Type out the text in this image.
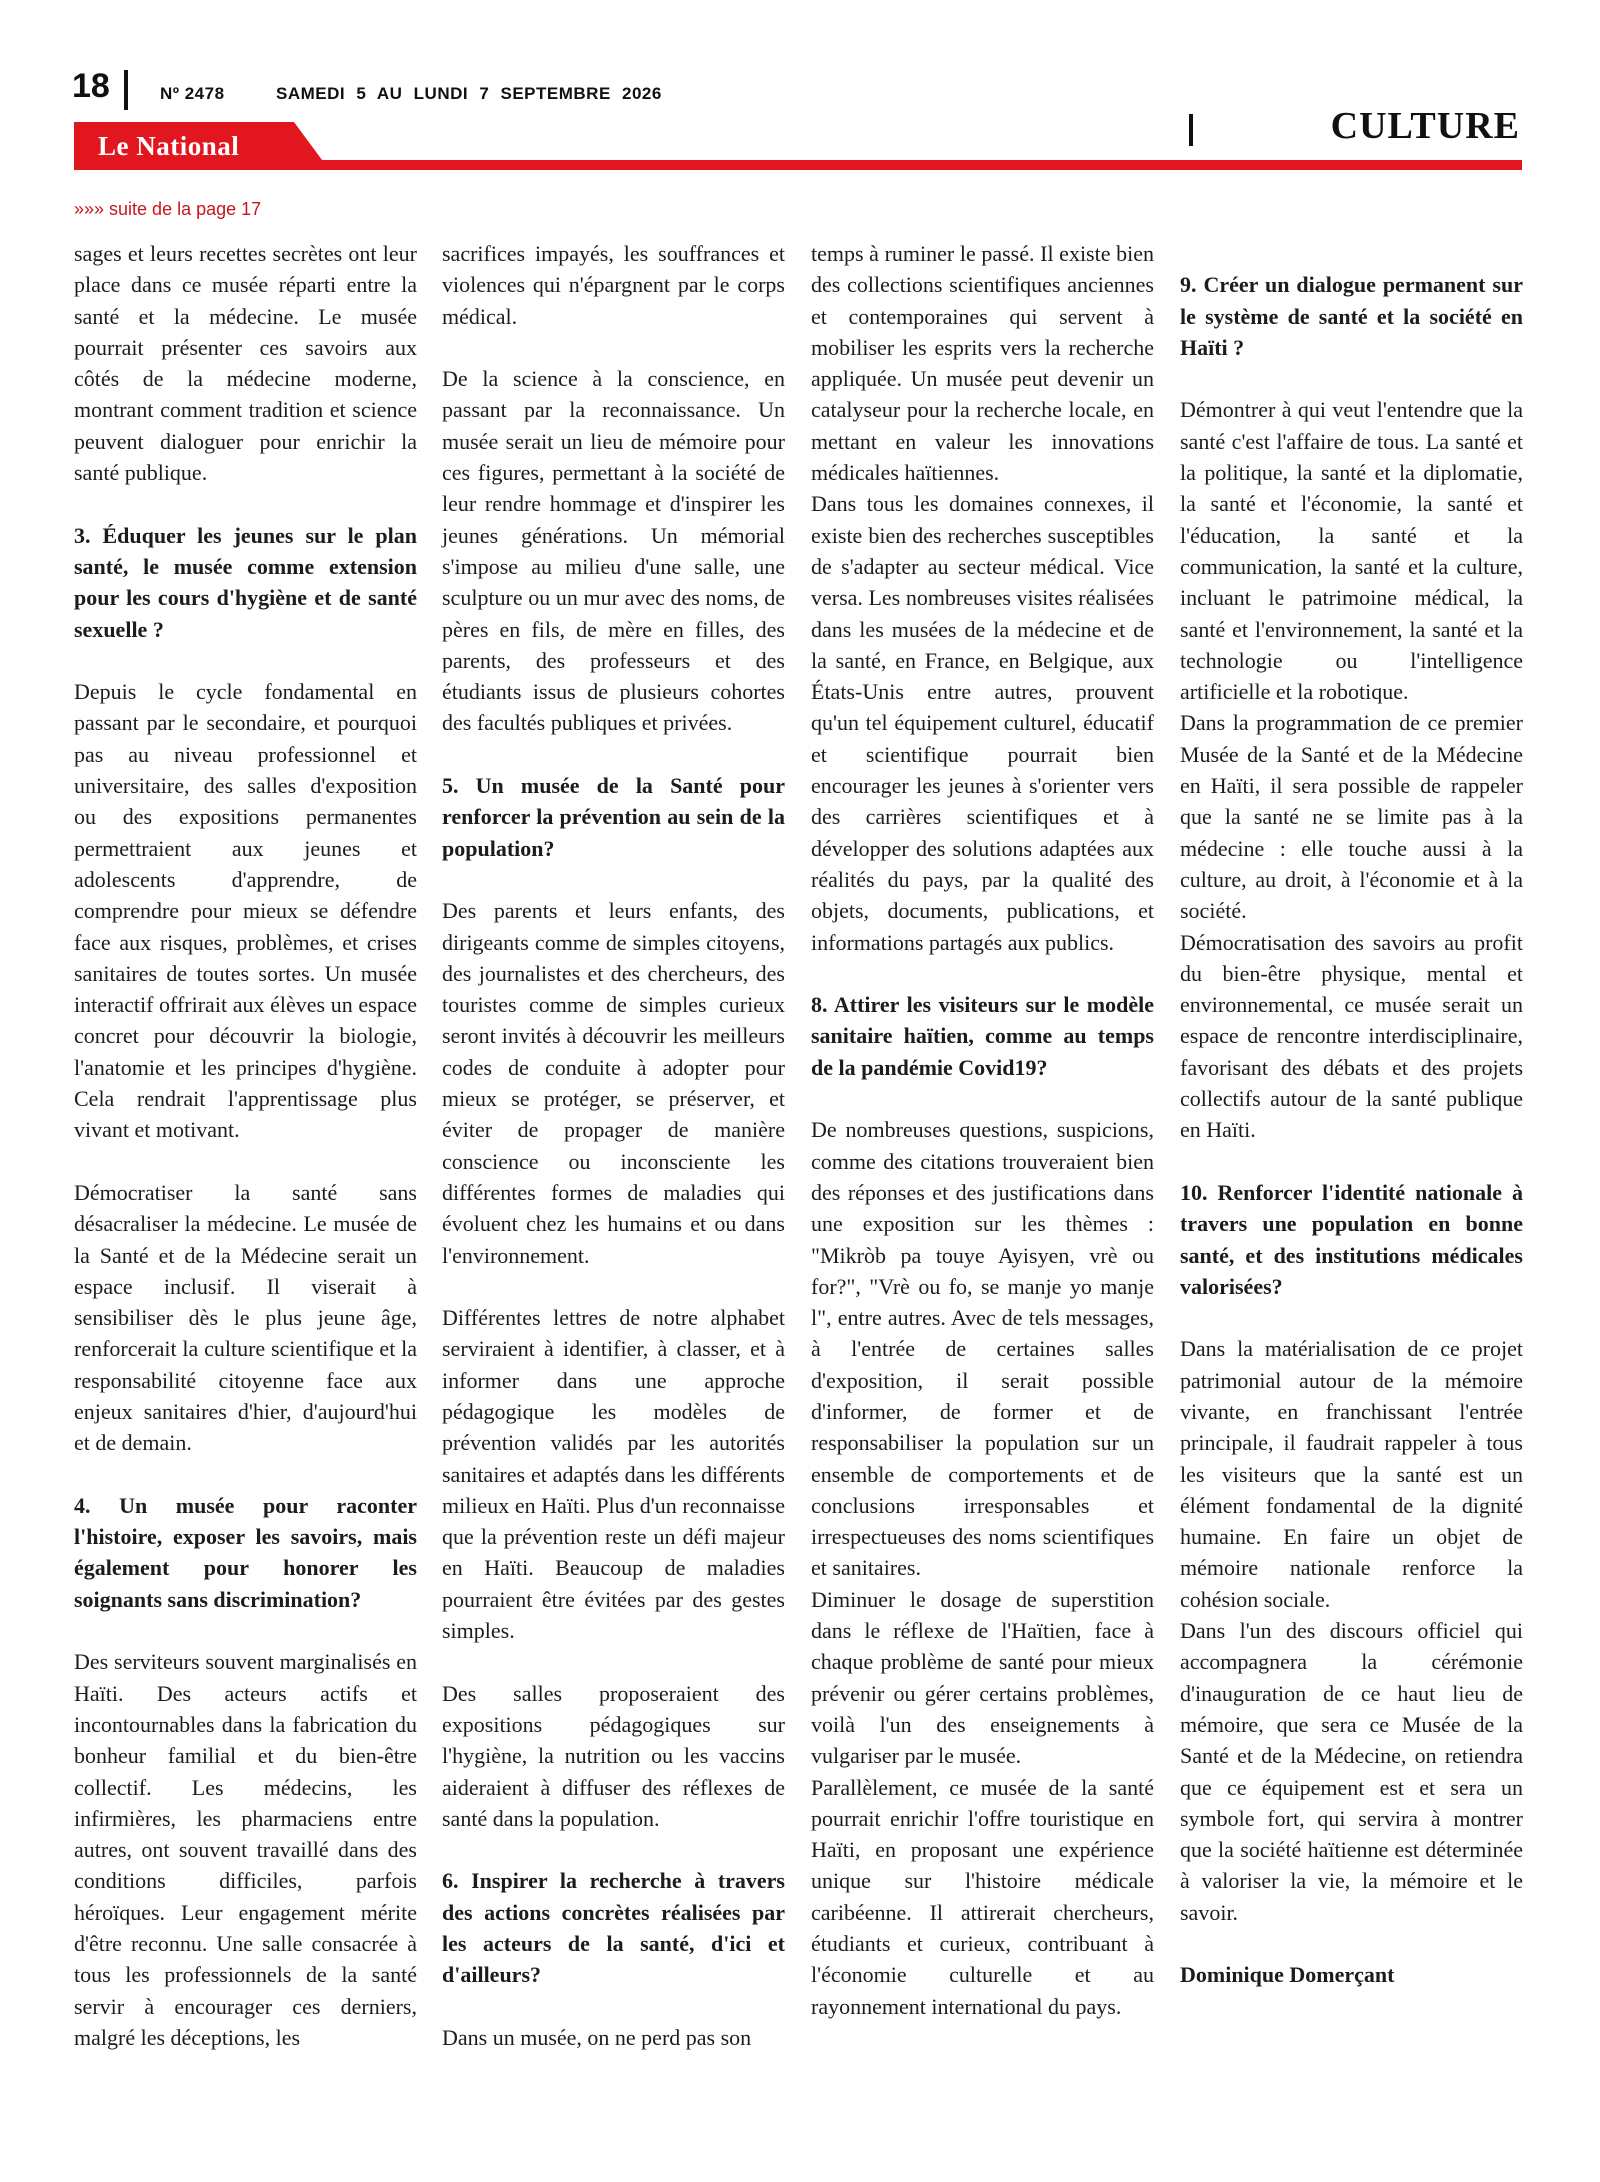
18	Nº 2478	SAMEDI 5 AU LUNDI 7 SEPTEMBRE 2026
CULTURE
Le National
»»» suite de la page 17

sages et leurs recettes secrètes ont leur place dans ce musée réparti entre la santé et la médecine. Le musée pourrait présenter ces savoirs aux côtés de la médecine moderne, montrant comment tradition et science peuvent dialoguer pour enrichir la santé publique.

3. Éduquer les jeunes sur le plan santé, le musée comme extension pour les cours d'hygiène et de santé sexuelle ?

Depuis le cycle fondamental en passant par le secondaire, et pourquoi pas au niveau professionnel et universitaire, des salles d'exposition ou des expositions permanentes permettraient aux jeunes et adolescents d'apprendre, de comprendre pour mieux se défendre face aux risques, problèmes, et crises sanitaires de toutes sortes. Un musée interactif offrirait aux élèves un espace concret pour découvrir la biologie, l'anatomie et les principes d'hygiène. Cela rendrait l'apprentissage plus vivant et motivant.

Démocratiser la santé sans désacraliser la médecine. Le musée de la Santé et de la Médecine serait un espace inclusif. Il viserait à sensibiliser dès le plus jeune âge, renforcerait la culture scientifique et la responsabilité citoyenne face aux enjeux sanitaires d'hier, d'aujourd'hui et de demain.

4. Un musée pour raconter l'histoire, exposer les savoirs, mais également pour honorer les soignants sans discrimination?

Des serviteurs souvent marginalisés en Haïti. Des acteurs actifs et incontournables dans la fabrication du bonheur familial et du bien-être collectif. Les médecins, les infirmières, les pharmaciens entre autres, ont souvent travaillé dans des conditions difficiles, parfois héroïques. Leur engagement mérite d'être reconnu. Une salle consacrée à tous les professionnels de la santé servir à encourager ces derniers, malgré les déceptions, les

sacrifices impayés, les souffrances et violences qui n'épargnent par le corps médical.

De la science à la conscience, en passant par la reconnaissance. Un musée serait un lieu de mémoire pour ces figures, permettant à la société de leur rendre hommage et d'inspirer les jeunes générations. Un mémorial s'impose au milieu d'une salle, une sculpture ou un mur avec des noms, de pères en fils, de mère en filles, des parents, des professeurs et des étudiants issus de plusieurs cohortes des facultés publiques et privées.

5. Un musée de la Santé pour renforcer la prévention au sein de la population?

Des parents et leurs enfants, des dirigeants comme de simples citoyens, des journalistes et des chercheurs, des touristes comme de simples curieux seront invités à découvrir les meilleurs codes de conduite à adopter pour mieux se protéger, se préserver, et éviter de propager de manière conscience ou inconsciente les différentes formes de maladies qui évoluent chez les humains et ou dans l'environnement.

Différentes lettres de notre alphabet serviraient à identifier, à classer, et à informer dans une approche pédagogique les modèles de prévention validés par les autorités sanitaires et adaptés dans les différents milieux en Haïti. Plus d'un reconnaisse que la prévention reste un défi majeur en Haïti. Beaucoup de maladies pourraient être évitées par des gestes simples.

Des salles proposeraient des expositions pédagogiques sur l'hygiène, la nutrition ou les vaccins aideraient à diffuser des réflexes de santé dans la population.

6. Inspirer la recherche à travers des actions concrètes réalisées par les acteurs de la santé, d'ici et d'ailleurs?

Dans un musée, on ne perd pas son

temps à ruminer le passé. Il existe bien des collections scientifiques anciennes et contemporaines qui servent à mobiliser les esprits vers la recherche appliquée. Un musée peut devenir un catalyseur pour la recherche locale, en mettant en valeur les innovations médicales haïtiennes.

Dans tous les domaines connexes, il existe bien des recherches susceptibles de s'adapter au secteur médical. Vice versa. Les nombreuses visites réalisées dans les musées de la médecine et de la santé, en France, en Belgique, aux États-Unis entre autres, prouvent qu'un tel équipement culturel, éducatif et scientifique pourrait bien encourager les jeunes à s'orienter vers des carrières scientifiques et à développer des solutions adaptées aux réalités du pays, par la qualité des objets, documents, publications, et informations partagés aux publics.

8. Attirer les visiteurs sur le modèle sanitaire haïtien, comme au temps de la pandémie Covid19?

De nombreuses questions, suspicions, comme des citations trouveraient bien des réponses et des justifications dans une exposition sur les thèmes : "Mikròb pa touye Ayisyen, vrè ou for?", "Vrè ou fo, se manje yo manje l", entre autres. Avec de tels messages, à l'entrée de certaines salles d'exposition, il serait possible d'informer, de former et de responsabiliser la population sur un ensemble de comportements et de conclusions irresponsables et irrespectueuses des noms scientifiques et sanitaires.

Diminuer le dosage de superstition dans le réflexe de l'Haïtien, face à chaque problème de santé pour mieux prévenir ou gérer certains problèmes, voilà l'un des enseignements à vulgariser par le musée.

Parallèlement, ce musée de la santé pourrait enrichir l'offre touristique en Haïti, en proposant une expérience unique sur l'histoire médicale caribéenne. Il attirerait chercheurs, étudiants et curieux, contribuant à l'économie culturelle et au rayonnement international du pays.

9. Créer un dialogue permanent sur le système de santé et la société en Haïti ?

Démontrer à qui veut l'entendre que la santé c'est l'affaire de tous. La santé et la politique, la santé et la diplomatie, la santé et l'économie, la santé et l'éducation, la santé et la communication, la santé et la culture, incluant le patrimoine médical, la santé et l'environnement, la santé et la technologie ou l'intelligence artificielle et la robotique.

Dans la programmation de ce premier Musée de la Santé et de la Médecine en Haïti, il sera possible de rappeler que la santé ne se limite pas à la médecine : elle touche aussi à la culture, au droit, à l'économie et à la société.

Démocratisation des savoirs au profit du bien-être physique, mental et environnemental, ce musée serait un espace de rencontre interdisciplinaire, favorisant des débats et des projets collectifs autour de la santé publique en Haïti.

10. Renforcer l'identité nationale à travers une population en bonne santé, et des institutions médicales valorisées?

Dans la matérialisation de ce projet patrimonial autour de la mémoire vivante, en franchissant l'entrée principale, il faudrait rappeler à tous les visiteurs que la santé est un élément fondamental de la dignité humaine. En faire un objet de mémoire nationale renforce la cohésion sociale.

Dans l'un des discours officiel qui accompagnera la cérémonie d'inauguration de ce haut lieu de mémoire, que sera ce Musée de la Santé et de la Médecine, on retiendra que ce équipement est et sera un symbole fort, qui servira à montrer que la société haïtienne est déterminée à valoriser la vie, la mémoire et le savoir.

Dominique Domerçant
